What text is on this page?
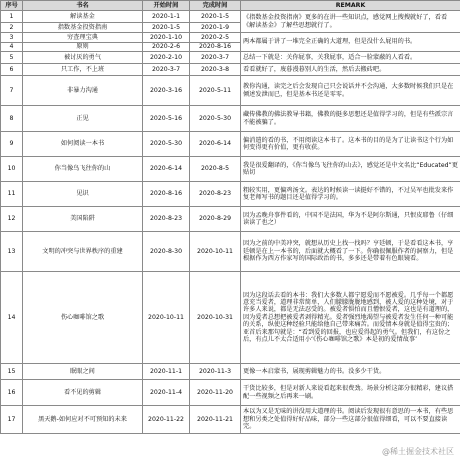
序号	书名	开始时间	完成时间	REMARK
1	解读基金	2020-1-1	2020-1-5	《指数基金投资指南》更多的在讲一些知识点，感觉网上搜搜就好了，看看《解读基金》了解些思想就行了。
2	指数基金投资指南	2020-1-5	2020-1-9	
3	穷查理宝典	2020-1-10	2020-2-5	两本都属于讲了一堆完全正确的大道理，但是没什么屁用的书。
4	原则	2020-2-6	2020-8-16	
5	被讨厌的勇气	2020-2-10	2020-3-7	总结一下就是：关你屁事，关我屁事，适合一脸蒙蔽的人看看。
6	只工作，不上班	2020-3-7	2020-3-8	看看就好了，废暮漫暮别人的生活，然后去搬砖吧。
7	非暴力沟通	2020-3-16	2020-5-11	教你沟通，读完之后会发现自己只会说话并不会沟通，大多数时候我们只是在倾述发泄而已，但是基本书还是零零。
8	正见	2020-5-16	2020-5-30	藏传佛教的佛法教导书籍，佛教的挺多思想还是值得学习的，但是有些派宗言不能被骗了。
9	如何阅读一本书	2020-5-30	2020-6-14	偏消遣的看的书，不用阅读这本书了。这本书的目的是为了让读书这个行为如何变得更有价值，更有收获。
10	你当像鸟飞往你的山	2020-6-14	2020-8-5	我是很爱翻译的，《你当像鸟飞往你的山去》，感觉还是中文名比“Educated”更贴切
11	见识	2020-8-16	2020-8-23	粗较实用，更偏鸡汤文。表达的时候读一读挺好不错的，不过吴军也批发来作复老师写书的题目还是值得学习的。
12	美国陷阱	2020-8-23	2020-8-29	因为孟晚舟事件看的，中国不是法国，华为不是阿尔斯通，只恨皮耶鲁（仔细读读了也之）
13	文明的冲突与世界秩序的重建	2020-8-30	2020-10-11	因为之前的中美冲突，就想从历史上找一找吗？亨廷顿，于是看看这本书，亨廷顿是在上一本书的，后面就大概看了一下。你确很佩服作者的洞察力，但是根据作为西方作家写的国际政治的书，多多还是带着有色眼镜看。
14	伤心咖啡馆之歌	2020-10-11	2020-10-31	因为这段话去看的本书：我们大多数人都宁愿爱而不愿被爱。几乎每一个都愿意充当爱者，道理非常简单，人们朦朦胧胧地感到，被人爱的这种处境，对于许多人来说，都是无法忍受的。被爱者惧怕而且憎恨爱者，这也是有道理的，因为爱者总想把被爱者剥得精光。爱者强烈地渴望与被爱者发生任何一种可能的关系，纵使这种经验只能给他自己带来痛苦。而爱情本身就是值得宝贵的；亚首后来那句就是：“看到爱的回报，也应爱得起的勇气。但我们，有这份之后，有点儿不太合适用小‘《伤心咖啡馆之歌》本是初的爱情故事’
15	眠眼之间	2020-11-1	2020-11-3	更像一本启蒙书，展现剪辑魅力的书。没多少干货。
16	看不见的剪辑	2020-11-4	2020-11-20	干货比较多，但是对新人来说看起来很费劲。场景分析这部分很精彩，建议搭配一些视频之后再来一刷。
17	黑天鹅-如何应对不可预知的未来	2020-11-22	2020-11-21	本以为又是无味的讲没用大道理的书。阅读后发现很有意思的一本书，有些思想和另类之处值得好好品味，部分一些这部分很值得细看，可以不要直接读完。
@稀土掘金技术社区
